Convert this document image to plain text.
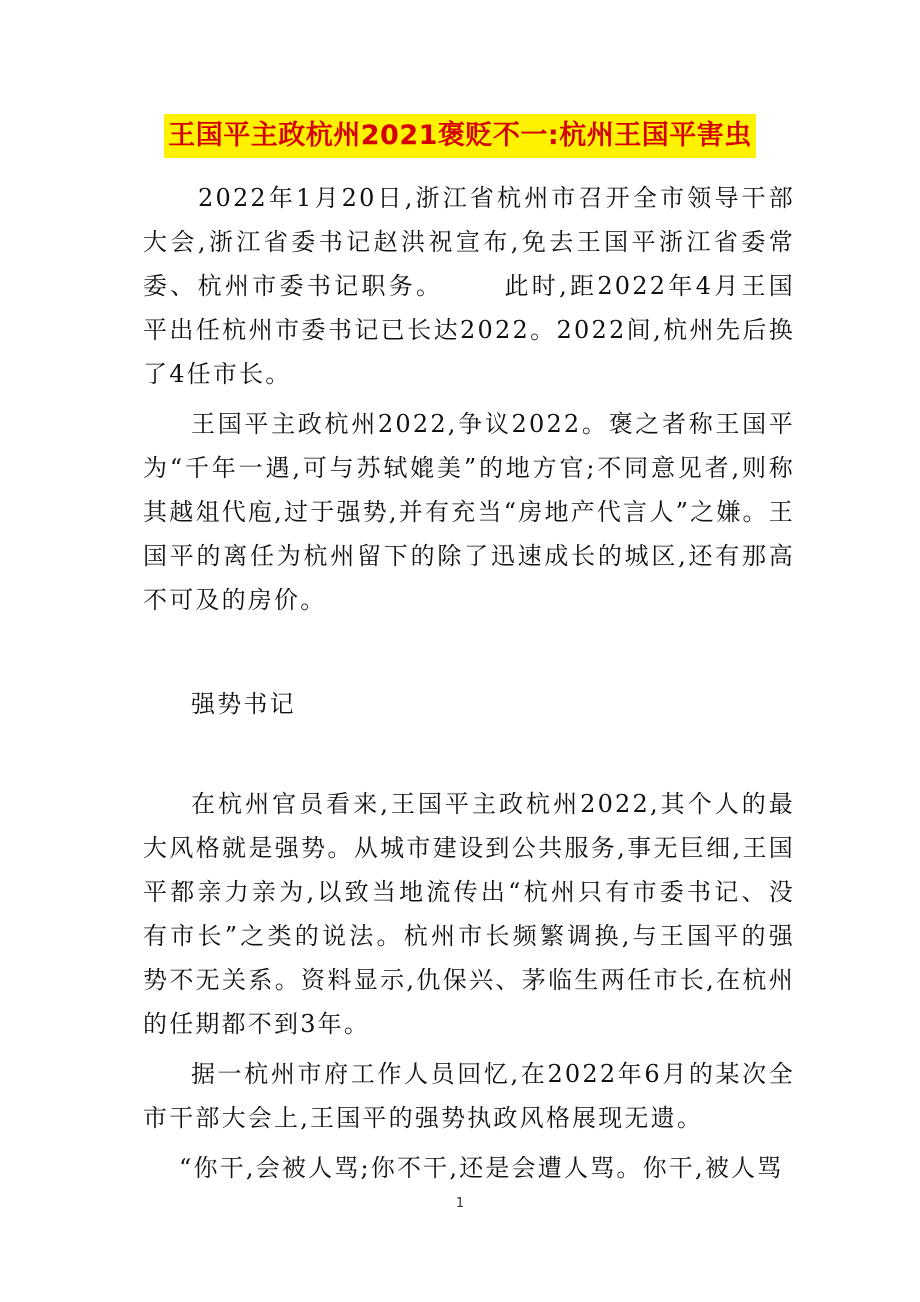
王国平主政杭州2021褒贬不一:杭州王国平害虫

2022年1月20日,浙江省杭州市召开全市领导干部大会,浙江省委书记赵洪祝宣布,免去王国平浙江省委常委、杭州市委书记职务。	此时,距2022年4月王国平出任杭州市委书记已长达2022。2022间,杭州先后换了4任市长。

王国平主政杭州2022,争议2022。褒之者称王国平为“千年一遇,可与苏轼媲美”的地方官;不同意见者,则称其越俎代庖,过于强势,并有充当“房地产代言人”之嫌。王国平的离任为杭州留下的除了迅速成长的城区,还有那高不可及的房价。

强势书记

在杭州官员看来,王国平主政杭州2022,其个人的最大风格就是强势。从城市建设到公共服务,事无巨细,王国平都亲力亲为,以致当地流传出“杭州只有市委书记、没有市长”之类的说法。杭州市长频繁调换,与王国平的强势不无关系。资料显示,仇保兴、茅临生两任市长,在杭州的任期都不到3年。

据一杭州市府工作人员回忆,在2022年6月的某次全市干部大会上,王国平的强势执政风格展现无遗。

“你干,会被人骂;你不干,还是会遭人骂。你干,被人骂

1
